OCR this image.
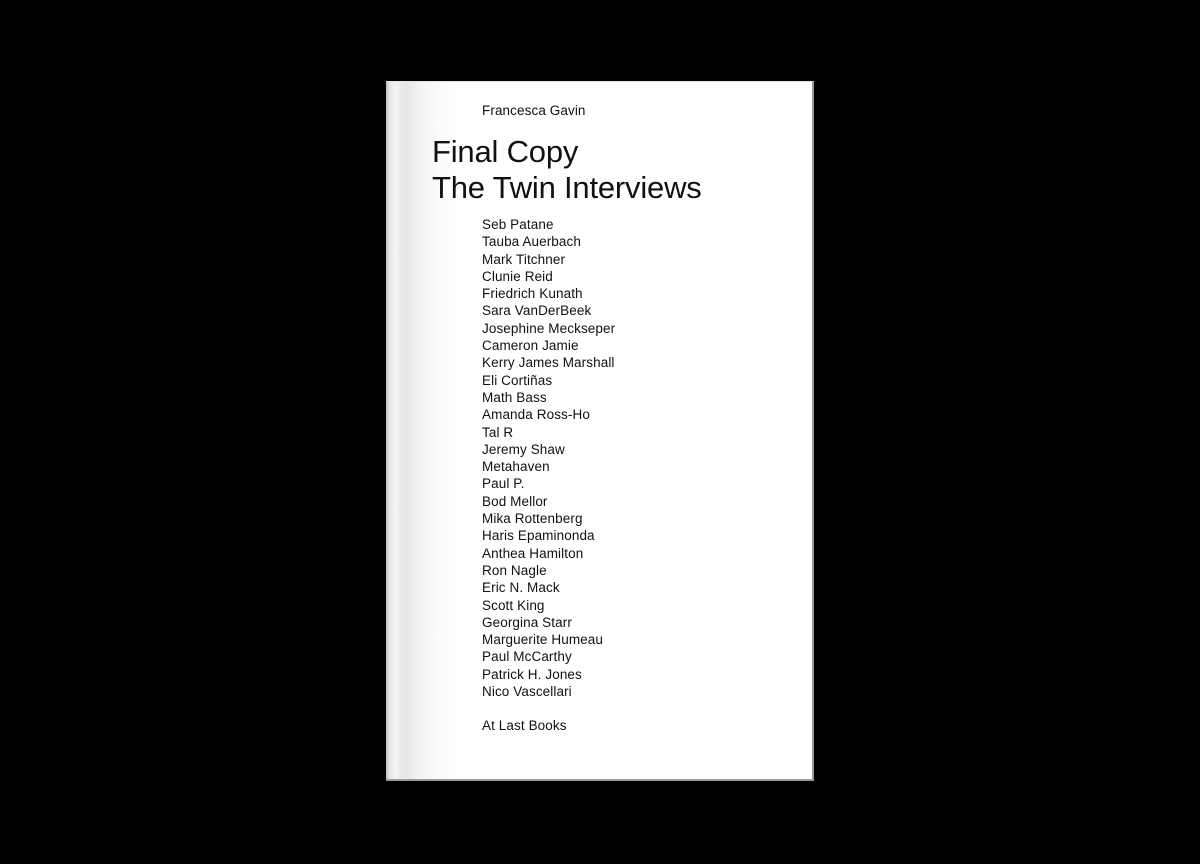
Francesca Gavin
Final Copy
The Twin Interviews
Seb Patane
Tauba Auerbach
Mark Titchner
Clunie Reid
Friedrich Kunath
Sara VanDerBeek
Josephine Meckseper
Cameron Jamie
Kerry James Marshall
Eli Cortiñas
Math Bass
Amanda Ross-Ho
Tal R
Jeremy Shaw
Metahaven
Paul P.
Bod Mellor
Mika Rottenberg
Haris Epaminonda
Anthea Hamilton
Ron Nagle
Eric N. Mack
Scott King
Georgina Starr
Marguerite Humeau
Paul McCarthy
Patrick H. Jones
Nico Vascellari
At Last Books
